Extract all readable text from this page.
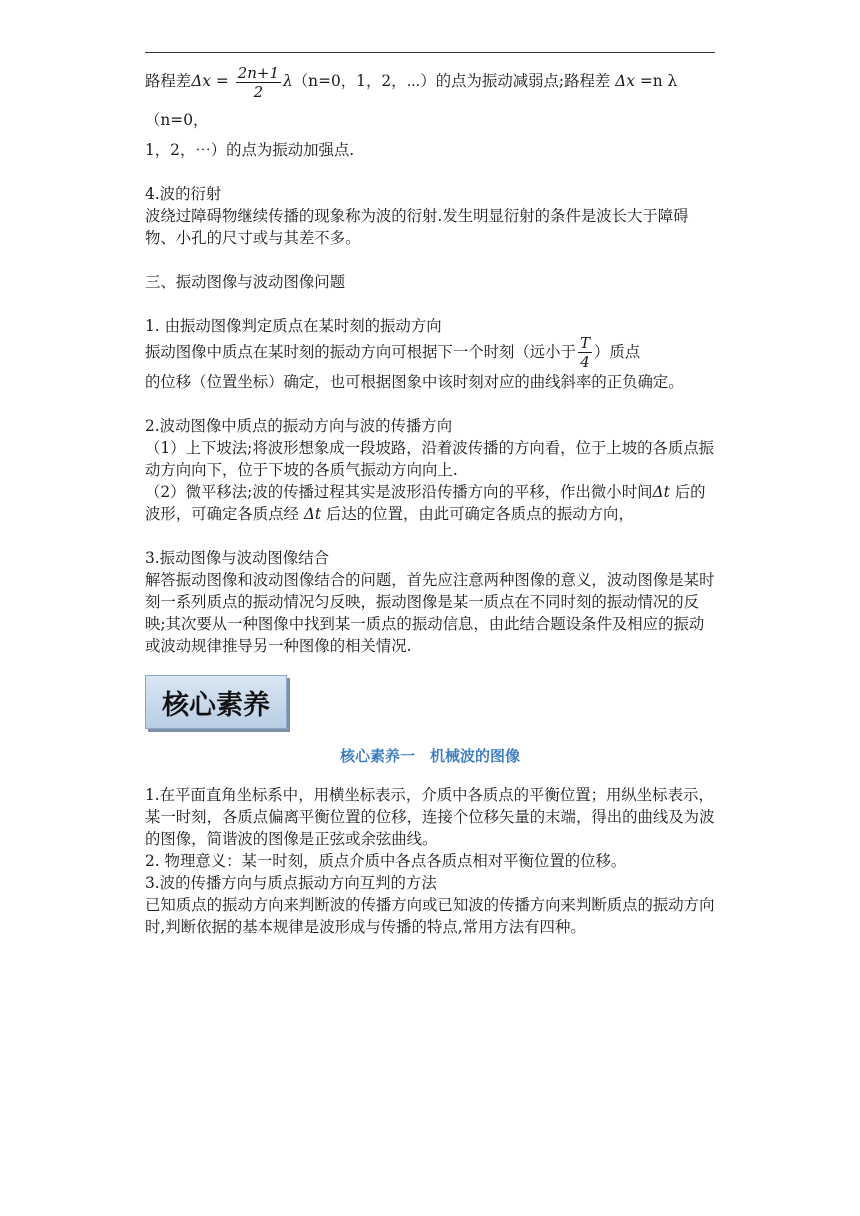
路程差$\Delta x = \frac{2n+1}{2} \lambda(n=0$，1，2，⋯）的点为振动减弱点;路程差 Δx =n λ（n=0，

1，2，⋯）的点为振动加强点.

4.波的衍射

波绕过障碍物继续传播的现象称为波的衍射.发生明显衍射的条件是波长大于障碍物、小孔的尺寸或与其差不多。

三、振动图像与波动图像问题

1. 由振动图像判定质点在某时刻的振动方向

振动图像中质点在某时刻的振动方向可根据下一个时刻（远小于 $\frac{T}{4}$ ）质点

的位移（位置坐标）确定，也可根据图象中该时刻对应的曲线斜率的正负确定。

2.波动图像中质点的振动方向与波的传播方向

（1）上下坡法;将波形想象成一段坡路，沿着波传播的方向看，位于上坡的各质点振动方向向下，位于下坡的各质气振动方向向上.

（2）微平移法;波的传播过程其实是波形沿传播方向的平移，作出微小时间Δt 后的波形，可确定各质点经 Δt 后达的位置，由此可确定各质点的振动方向，

3.振动图像与波动图像结合

解答振动图像和波动图像结合的问题，首先应注意两种图像的意义，波动图像是某时刻一系列质点的振动情况匀反映，振动图像是某一质点在不同时刻的振动情况的反映;其次要从一种图像中找到某一质点的振动信息，由此结合题设条件及相应的振动或波动规律推导另一种图像的相关情况.

核心素养
核心素养一　机械波的图像

1.在平面直角坐标系中，用横坐标表示，介质中各质点的平衡位置；用纵坐标表示，某一时刻，各质点偏离平衡位置的位移，连接个位移矢量的末端，得出的曲线及为波的图像，简谐波的图像是正弦或余弦曲线。

2. 物理意义：某一时刻，质点介质中各点各质点相对平衡位置的位移。

3.波的传播方向与质点振动方向互判的方法

已知质点的振动方向来判断波的传播方向或已知波的传播方向来判断质点的振动方向时,判断依据的基本规律是波形成与传播的特点,常用方法有四种。
